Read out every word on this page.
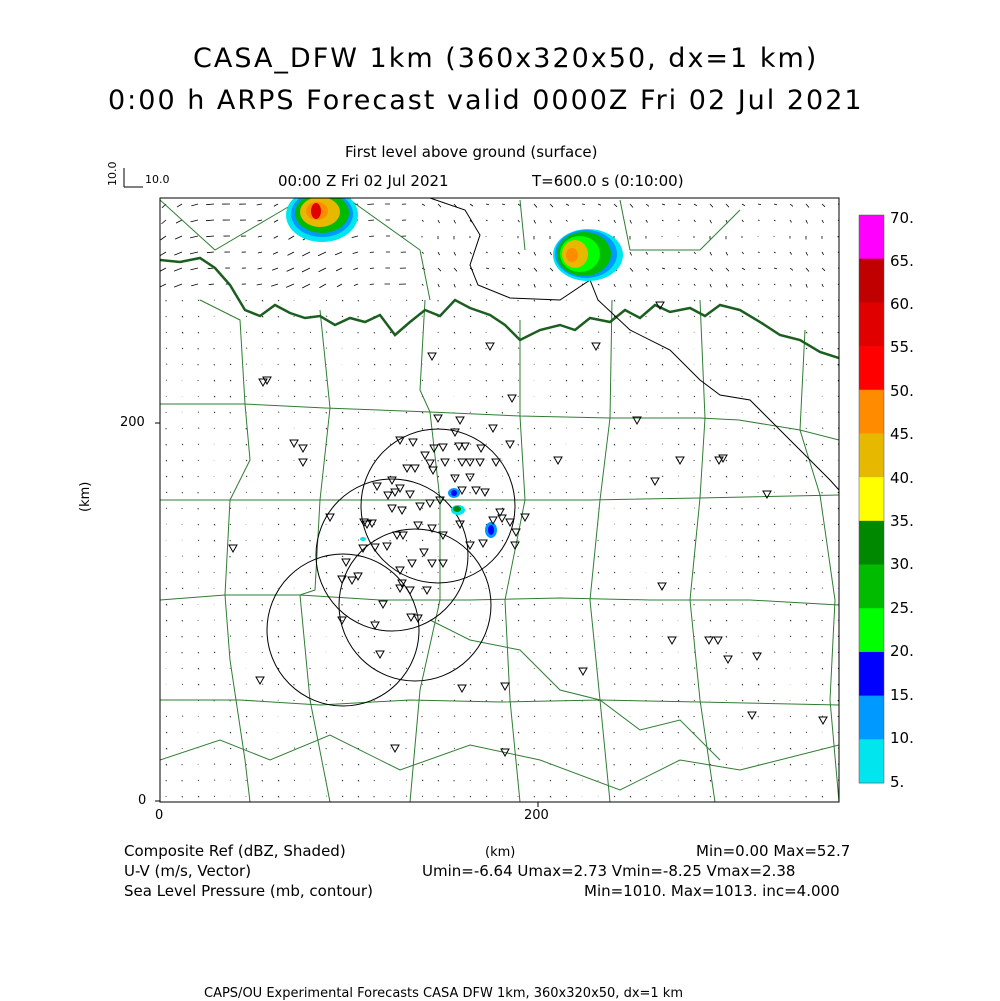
CASA_DFW 1km (360x320x50, dx=1 km)
0:00 h ARPS Forecast valid 0000Z Fri 02 Jul 2021
First level above ground (surface)
00:00 Z Fri 02 Jul 2021	T=600.0 s (0:10:00)
10.0 10.0
(km)
200
0
0	200
(km)
70.
65.
60.
55.
50.
45.
40.
35.
30.
25.
20.
15.
10.
5.
Composite Ref (dBZ, Shaded)	Min=0.00 Max=52.7
U-V (m/s, Vector)	Umin=-6.64 Umax=2.73 Vmin=-8.25 Vmax=2.38
Sea Level Pressure (mb, contour)	Min=1010. Max=1013. inc=4.000
CAPS/OU Experimental Forecasts CASA DFW 1km, 360x320x50, dx=1 km
